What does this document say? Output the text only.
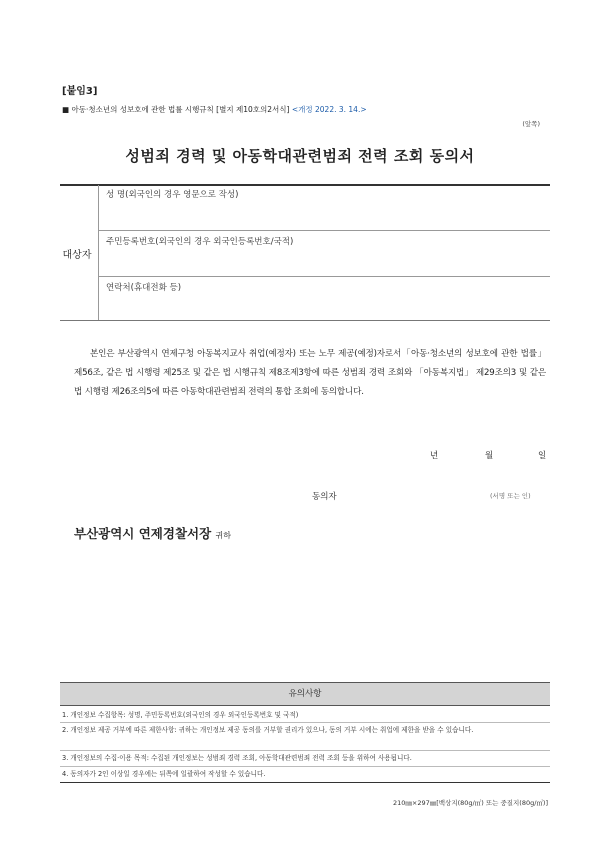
[붙임3]
■ 아동·청소년의 성보호에 관한 법률 시행규칙 [별지 제10호의2서식] <개정 2022. 3. 14.>
(앞쪽)
성범죄 경력 및 아동학대관련범죄 전력 조회 동의서
대상자
성 명(외국인의 경우 영문으로 작성)
주민등록번호(외국인의 경우 외국인등록번호/국적)
연락처(휴대전화 등)
본인은 부산광역시 연제구청 아동복지교사 취업(예정자) 또는 노무 제공(예정)자로서「아동·청소년의 성보호에 관한 법률」 제56조, 같은 법 시행령 제25조 및 같은 법 시행규칙 제8조제3항에 따른 성범죄 경력 조회와 「아동복지법」 제29조의3 및 같은 법 시행령 제26조의5에 따른 아동학대관련범죄 전력의 통합 조회에 동의합니다.
년	월	일
동의자	(서명 또는 인)
부산광역시 연제경찰서장 귀하
유의사항
1. 개인정보 수집항목: 성명, 주민등록번호(외국인의 경우 외국인등록번호 및 국적)
2. 개인정보 제공 거부에 따른 제한사항: 귀하는 개인정보 제공 동의를 거부할 권리가 있으나, 동의 거부 시에는 취업에 제한을 받을 수 있습니다.
3. 개인정보의 수집·이용 목적: 수집된 개인정보는 성범죄 경력 조회, 아동학대관련범죄 전력 조회 등을 위하여 사용됩니다.
4. 동의자가 2인 이상일 경우에는 뒤쪽에 일괄하여 작성할 수 있습니다.
210㎜×297㎜[백상지(80g/㎡) 또는 중질지(80g/㎡)]
